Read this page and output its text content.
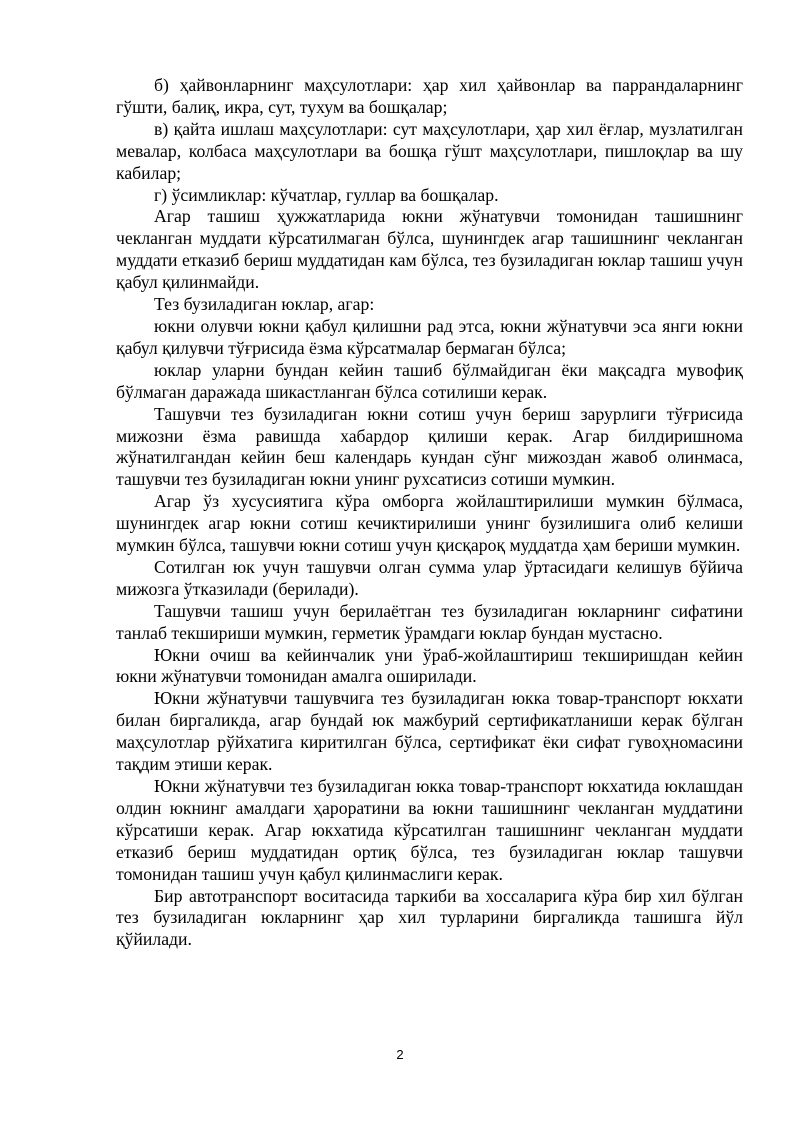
б) ҳайвонларнинг маҳсулотлари: ҳар хил ҳайвонлар ва паррандаларнинг гўшти, балиқ, икра, сут, тухум ва бошқалар;

в) қайта ишлаш маҳсулотлари: сут маҳсулотлари, ҳар хил ёғлар, музлатилган мевалар, колбаса маҳсулотлари ва бошқа гўшт маҳсулотлари, пишлоқлар ва шу кабилар;

г) ўсимликлар: кўчатлар, гуллар ва бошқалар.

Агар ташиш ҳужжатларида юкни жўнатувчи томонидан ташишнинг чекланган муддати кўрсатилмаган бўлса, шунингдек агар ташишнинг чекланган муддати етказиб бериш муддатидан кам бўлса, тез бузиладиган юклар ташиш учун қабул қилинмайди.

Тез бузиладиган юклар, агар:

юкни олувчи юкни қабул қилишни рад этса, юкни жўнатувчи эса янги юкни қабул қилувчи тўғрисида ёзма кўрсатмалар бермаган бўлса;

юклар уларни бундан кейин ташиб бўлмайдиган ёки мақсадга мувофиқ бўлмаган даражада шикастланган бўлса сотилиши керак.

Ташувчи тез бузиладиган юкни сотиш учун бериш зарурлиги тўғрисида мижозни ёзма равишда хабардор қилиши керак. Агар билдиришнома жўнатилгандан кейин беш календарь кундан сўнг мижоздан жавоб олинмаса, ташувчи тез бузиладиган юкни унинг рухсатисиз сотиши мумкин.

Агар ўз хусусиятига кўра омборга жойлаштирилиши мумкин бўлмаса, шунингдек агар юкни сотиш кечиктирилиши унинг бузилишига олиб келиши мумкин бўлса, ташувчи юкни сотиш учун қисқароқ муддатда ҳам бериши мумкин.

Сотилган юк учун ташувчи олган сумма улар ўртасидаги келишув бўйича мижозга ўтказилади (берилади).

Ташувчи ташиш учун берилаётган тез бузиладиган юкларнинг сифатини танлаб текшириши мумкин, герметик ўрамдаги юклар бундан мустасно.

Юкни очиш ва кейинчалик уни ўраб-жойлаштириш текширишдан кейин юкни жўнатувчи томонидан амалга оширилади.

Юкни жўнатувчи ташувчига тез бузиладиган юкка товар-транспорт юкхати билан биргаликда, агар бундай юк мажбурий сертификатланиши керак бўлган маҳсулотлар рўйхатига киритилган бўлса, сертификат ёки сифат гувоҳномасини тақдим этиши керак.

Юкни жўнатувчи тез бузиладиган юкка товар-транспорт юкхатида юклашдан олдин юкнинг амалдаги ҳароратини ва юкни ташишнинг чекланган муддатини кўрсатиши керак. Агар юкхатида кўрсатилган ташишнинг чекланган муддати етказиб бериш муддатидан ортиқ бўлса, тез бузиладиган юклар ташувчи томонидан ташиш учун қабул қилинмаслиги керак.

Бир автотранспорт воситасида таркиби ва хоссаларига кўра бир хил бўлган тез бузиладиган юкларнинг ҳар хил турларини биргаликда ташишга йўл қўйилади.

2
